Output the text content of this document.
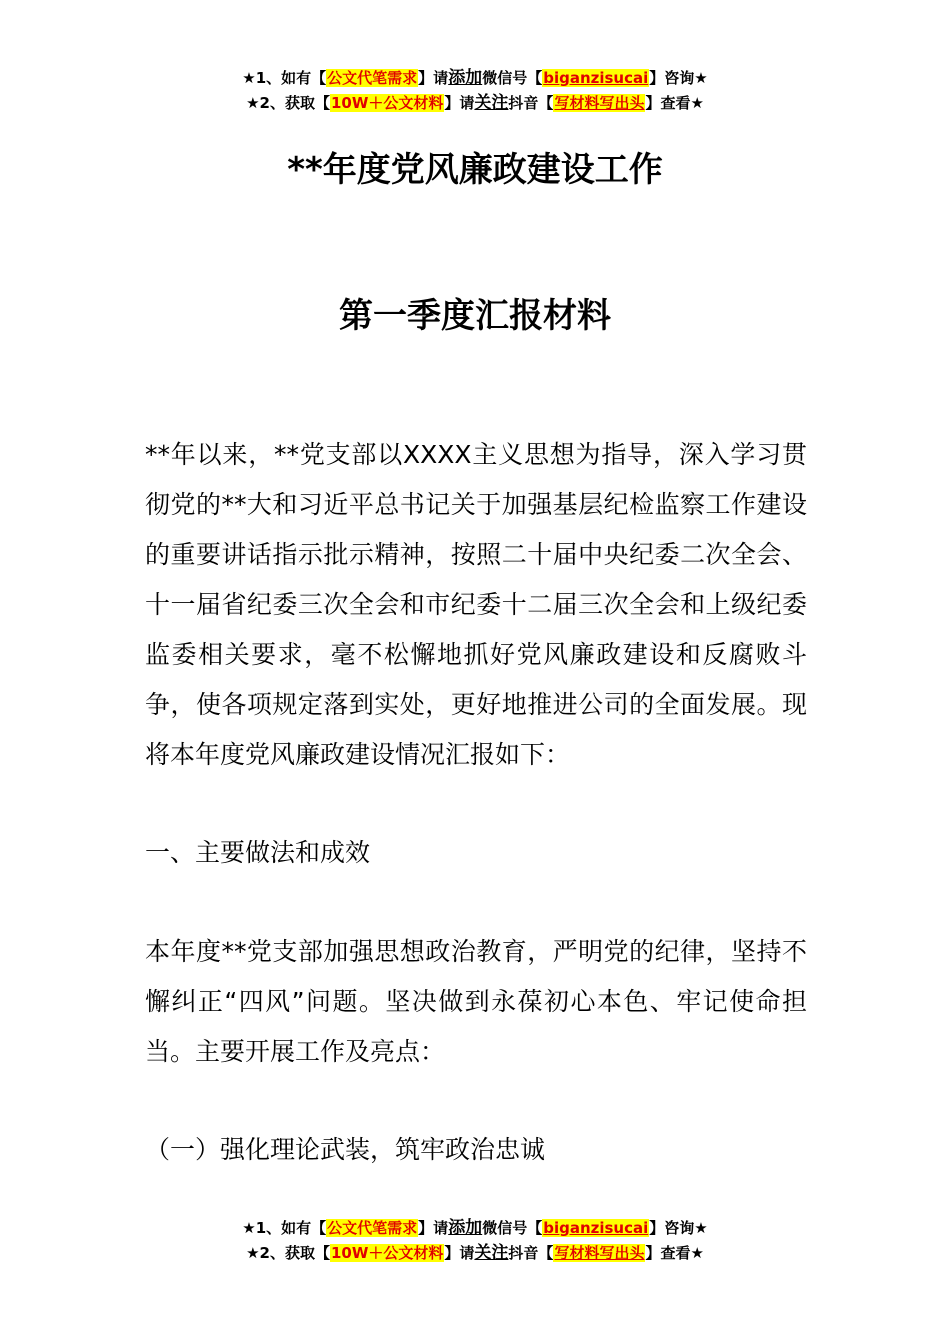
★1、如有【公文代笔需求】请添加微信号【biganzisucai】咨询★
★2、获取【10W＋公文材料】请关注抖音【写材料写出头】查看★
**年度党风廉政建设工作
第一季度汇报材料
**年以来，**党支部以XXXX主义思想为指导，深入学习贯彻党的**大和习近平总书记关于加强基层纪检监察工作建设的重要讲话指示批示精神，按照二十届中央纪委二次全会、十一届省纪委三次全会和市纪委十二届三次全会和上级纪委监委相关要求，毫不松懈地抓好党风廉政建设和反腐败斗争，使各项规定落到实处，更好地推进公司的全面发展。现将本年度党风廉政建设情况汇报如下：
一、主要做法和成效
本年度**党支部加强思想政治教育，严明党的纪律，坚持不懈纠正“四风”问题。坚决做到永葆初心本色、牢记使命担当。主要开展工作及亮点：
（一）强化理论武装，筑牢政治忠诚
★1、如有【公文代笔需求】请添加微信号【biganzisucai】咨询★
★2、获取【10W＋公文材料】请关注抖音【写材料写出头】查看★
